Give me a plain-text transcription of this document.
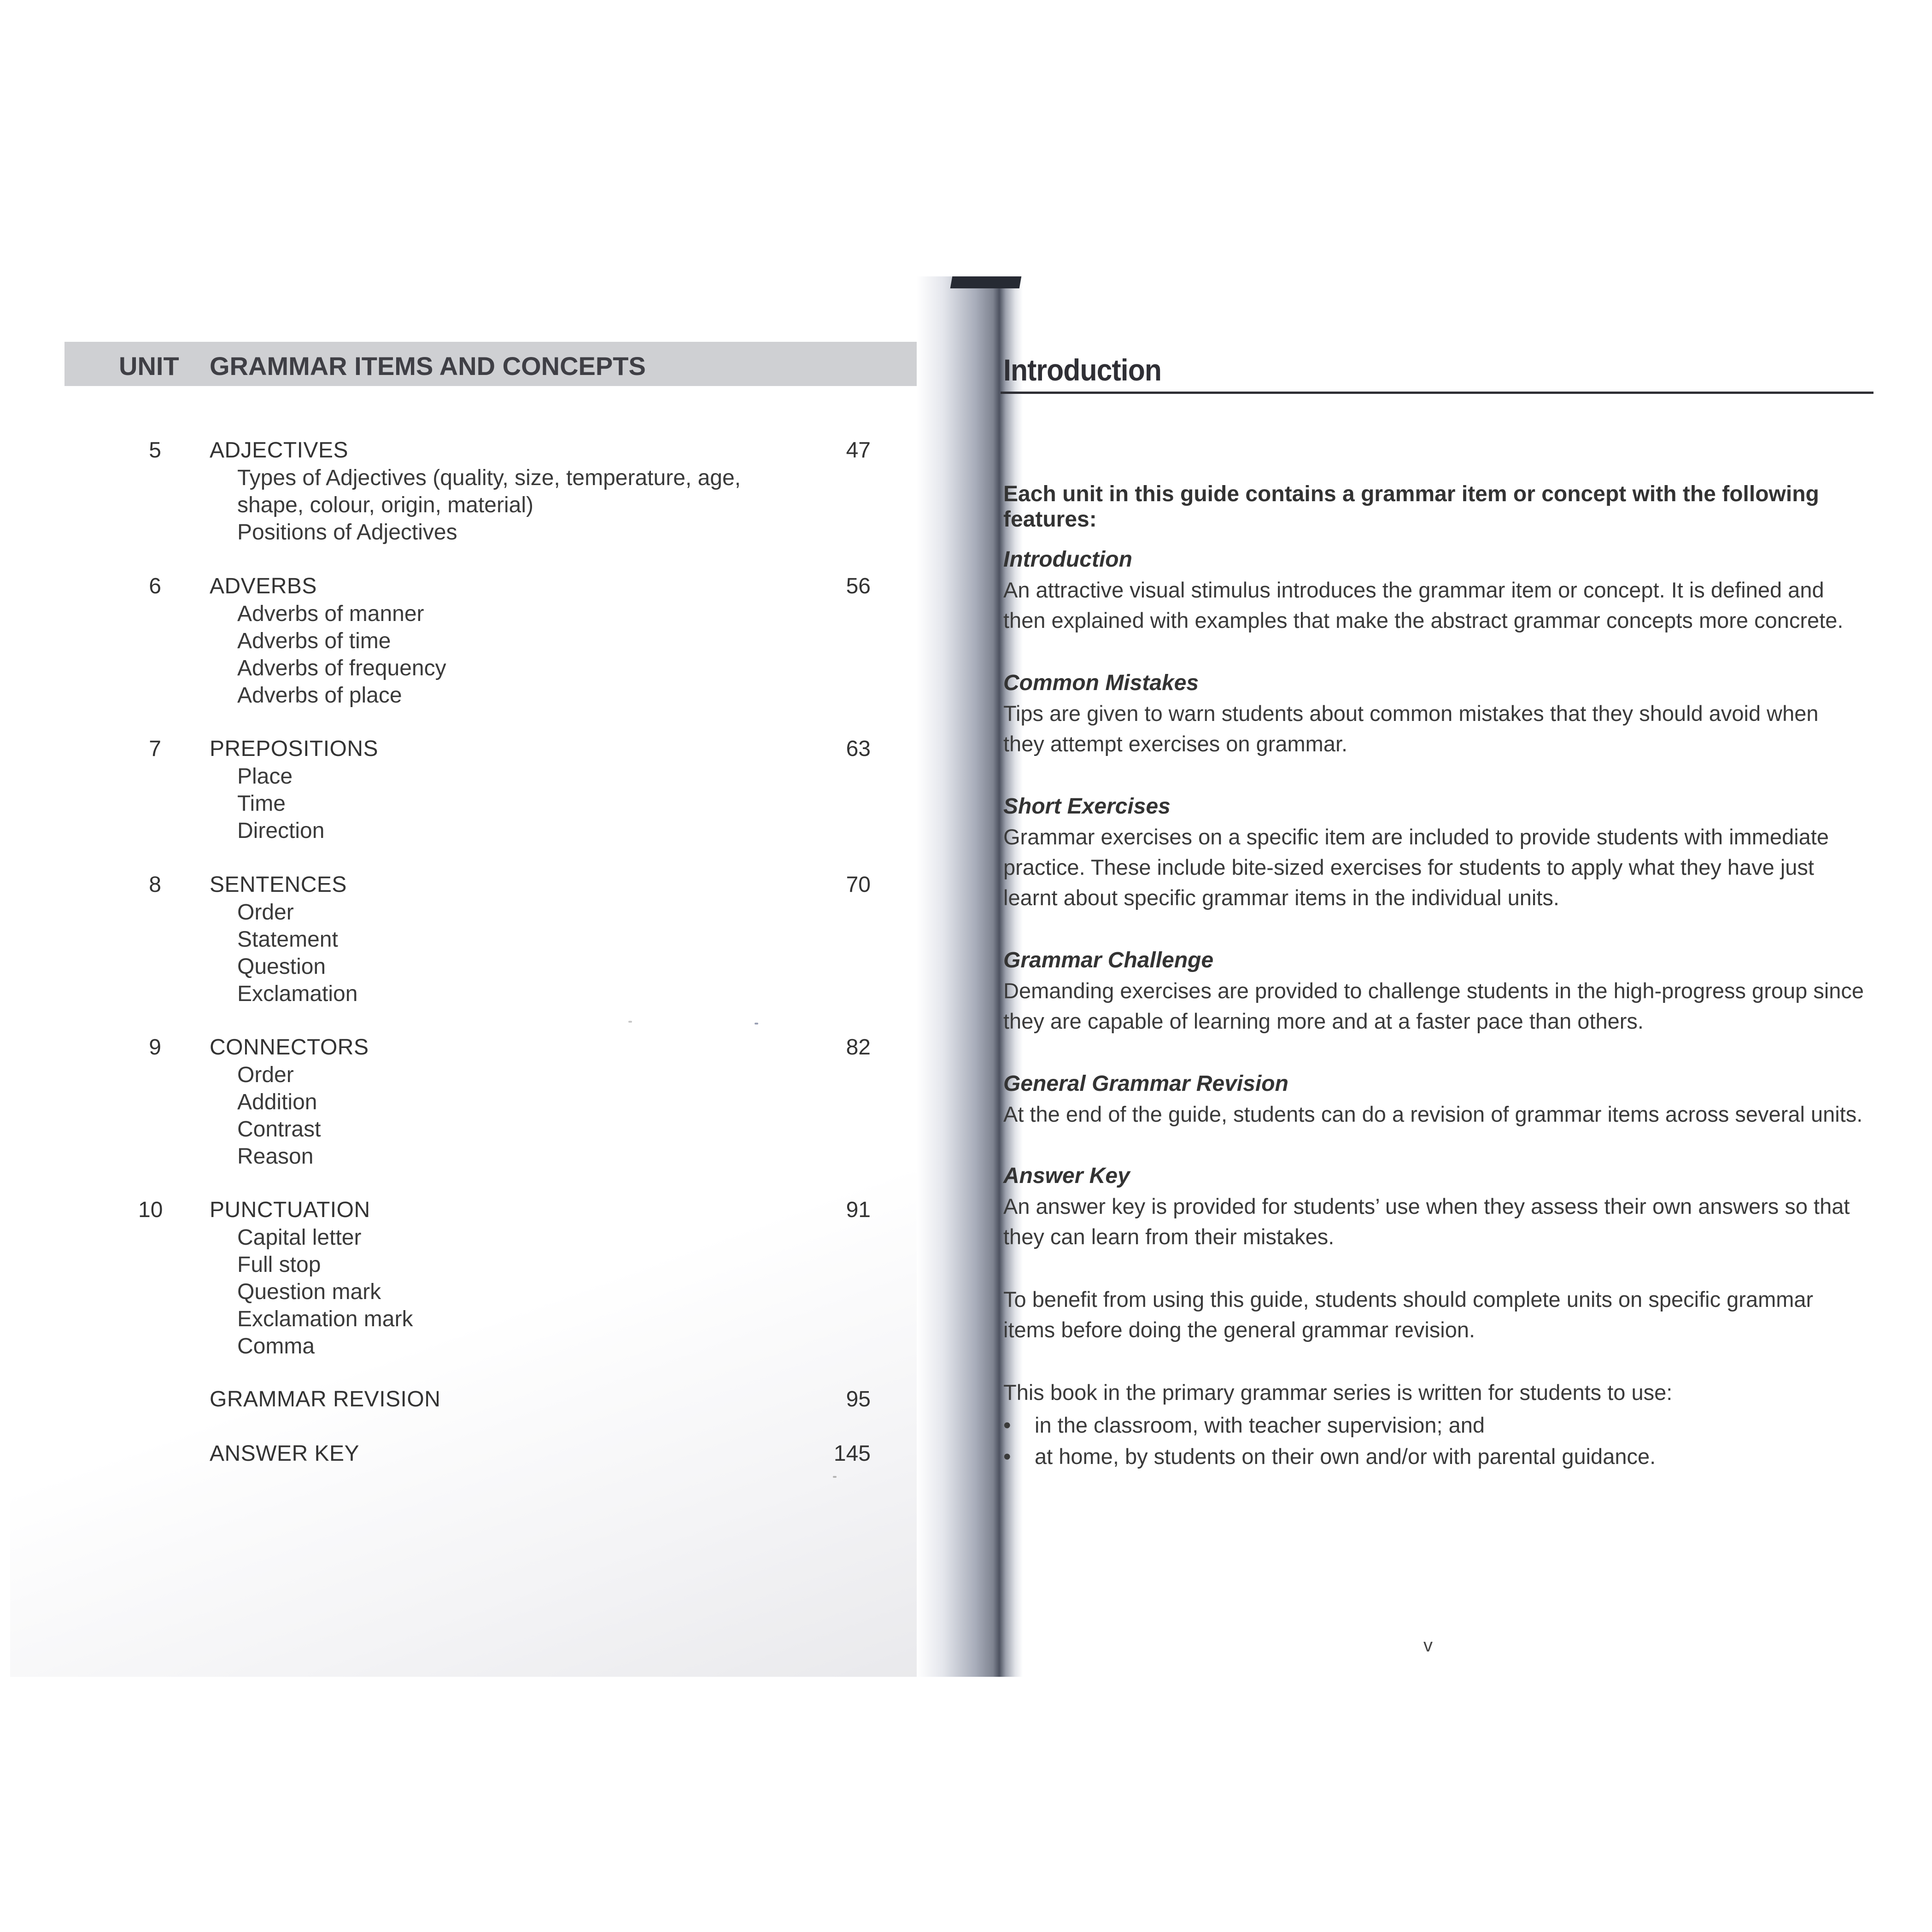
UNIT GRAMMAR ITEMS AND CONCEPTS
5 ADJECTIVES	47
Types of Adjectives (quality, size, temperature, age,
shape, colour, origin, material)
Positions of Adjectives
6 ADVERBS	56
Adverbs of manner
Adverbs of time
Adverbs of frequency
Adverbs of place
7 PREPOSITIONS	63
Place
Time
Direction
8 SENTENCES	70
Order
Statement
Question
Exclamation
9 CONNECTORS	82
Order
Addition
Contrast
Reason
10 PUNCTUATION	91
Capital letter
Full stop
Question mark
Exclamation mark
Comma
GRAMMAR REVISION	95
ANSWER KEY	145
Introduction
Each unit in this guide contains a grammar item or concept with the following features:
Introduction

An attractive visual stimulus introduces the grammar item or concept. It is defined and

then explained with examples that make the abstract grammar concepts more concrete.

Common Mistakes

Tips are given to warn students about common mistakes that they should avoid when

they attempt exercises on grammar.

Short Exercises

Grammar exercises on a specific item are included to provide students with immediate

practice. These include bite-sized exercises for students to apply what they have just

learnt about specific grammar items in the individual units.

Grammar Challenge

Demanding exercises are provided to challenge students in the high-progress group since

they are capable of learning more and at a faster pace than others.

General Grammar Revision

At the end of the guide, students can do a revision of grammar items across several units.

Answer Key

An answer key is provided for students’ use when they assess their own answers so that

they can learn from their mistakes.

To benefit from using this guide, students should complete units on specific grammar

items before doing the general grammar revision.

This book in the primary grammar series is written for students to use:

• in the classroom, with teacher supervision; and
• at home, by students on their own and/or with parental guidance.
v
